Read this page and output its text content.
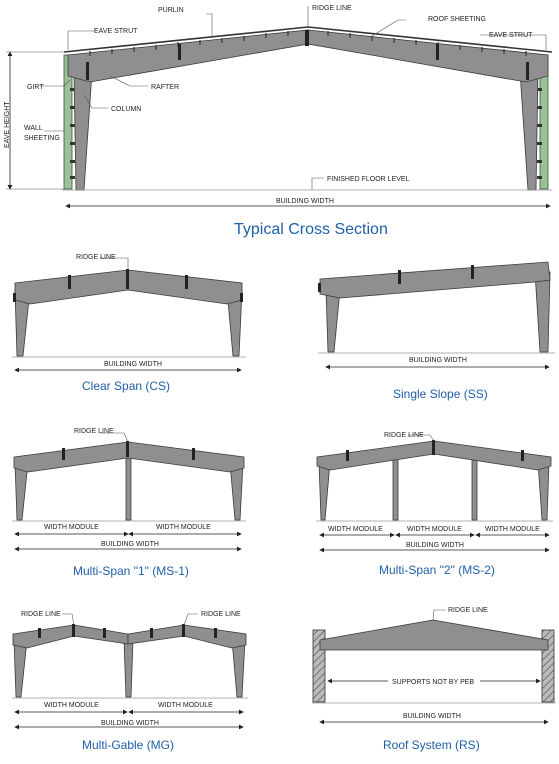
PURLIN	RIDGE LINE
ROOF SHEETING
EAVE STRUT
EAVE STRUT
GIRT	RAFTER
COLUMN
WALL
SHEETING
EAVE HEIGHT
FINISHED FLOOR LEVEL
BUILDING WIDTH
Typical Cross Section
RIDGE LINE
BUILDING WIDTH
Clear Span (CS)
BUILDING WIDTH
Single Slope (SS)
RIDGE LINE
WIDTH MODULE	WIDTH MODULE
BUILDING WIDTH
Multi-Span "1" (MS-1)
RIDGE LINE
WIDTH MODULE	WIDTH MODULE	WIDTH MODULE
BUILDING WIDTH
Multi-Span "2" (MS-2)
RIDGE LINE	RIDGE LINE
WIDTH MODULE	WIDTH MODULE
BUILDING WIDTH
Multi-Gable (MG)
RIDGE LINE
SUPPORTS NOT BY PEB
BUILDING WIDTH
Roof System (RS)
